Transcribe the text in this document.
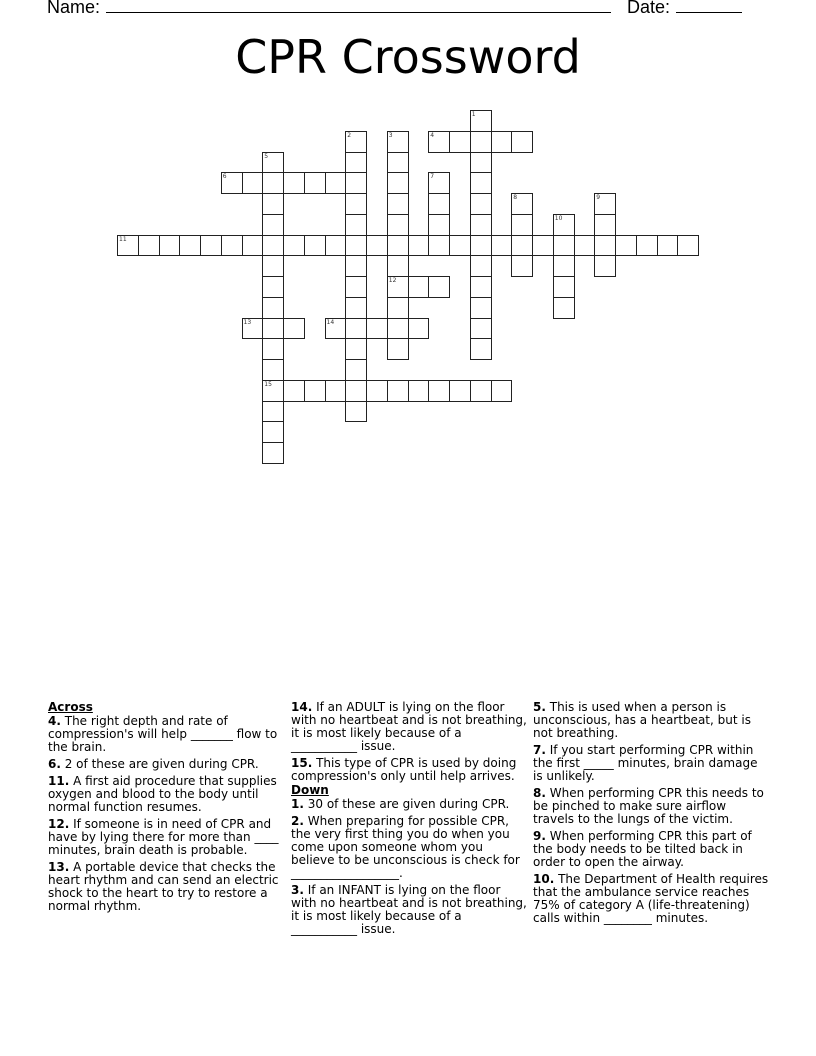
Name:	Date:
CPR Crossword
1
2	3
12
4
5
15
6	7
8	9
10
11
13	14
Across
4. The right depth and rate of compression's will help _______ flow to the brain.
6. 2 of these are given during CPR.
11. A first aid procedure that supplies oxygen and blood to the body until normal function resumes.
12. If someone is in need of CPR and have by lying there for more than ____ minutes, brain death is probable.
13. A portable device that checks the heart rhythm and can send an electric shock to the heart to try to restore a normal rhythm.
14. If an ADULT is lying on the floor with no heartbeat and is not breathing, it is most likely because of a ___________ issue.
15. This type of CPR is used by doing compression's only until help arrives.
Down
1. 30 of these are given during CPR.
2. When preparing for possible CPR, the very first thing you do when you come upon someone whom you believe to be unconscious is check for __________________.
3. If an INFANT is lying on the floor with no heartbeat and is not breathing, it is most likely because of a ___________ issue.
5. This is used when a person is unconscious, has a heartbeat, but is not breathing.
7. If you start performing CPR within the first _____ minutes, brain damage is unlikely.
8. When performing CPR this needs to be pinched to make sure airflow travels to the lungs of the victim.
9. When performing CPR this part of the body needs to be tilted back in order to open the airway.
10. The Department of Health requires that the ambulance service reaches 75% of category A (life-threatening) calls within ________ minutes.
